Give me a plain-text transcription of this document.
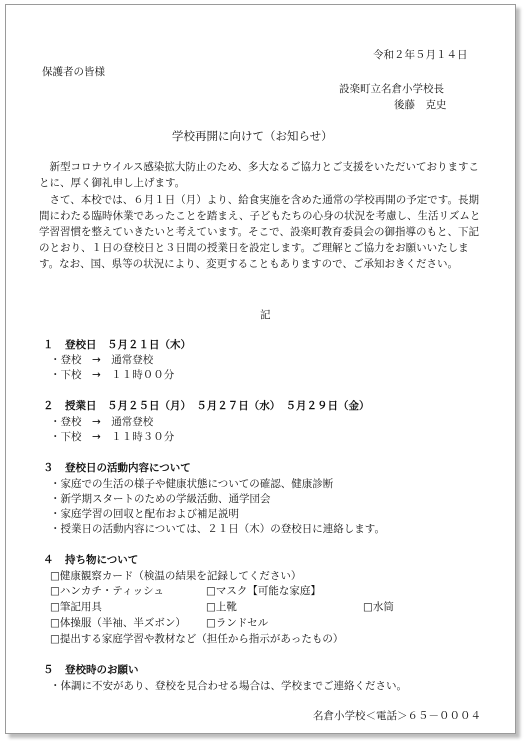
令和２年５月１４日

保護者の皆様

設楽町立名倉小学校長

後藤　克史

学校再開に向けて（お知らせ）

　新型コロナウイルス感染拡大防止のため、多大なるご協力とご支援をいただいておりますことに、厚く御礼申し上げます。

　さて、本校では、６月１日（月）より、給食実施を含めた通常の学校再開の予定です。長期間にわたる臨時休業であったことを踏まえ、子どもたちの心身の状況を考慮し、生活リズムと学習習慣を整えていきたいと考えています。そこで、設楽町教育委員会の御指導のもと、下記のとおり、１日の登校日と３日間の授業日を設定します。ご理解とご協力をお願いいたします。なお、国、県等の状況により、変更することもありますので、ご承知おきください。

記

１ 登校日　５月２１日（木）

・登校　→　通常登校

・下校　→　１１時００分

２ 授業日　５月２５日（月）　５月２７日（水）　５月２９日（金）

・登校　→　通常登校

・下校　→　１１時３０分

３ 登校日の活動内容について

・家庭での生活の様子や健康状態についての確認、健康診断

・新学期スタートのための学級活動、通学団会

・家庭学習の回収と配布および補足説明

・授業日の活動内容については、２１日（木）の登校日に連絡します。

４ 持ち物について

□健康観察カード（検温の結果を記録してください）
□ハンカチ・ティッシュ	□マスク【可能な家庭】
□筆記用具	□上靴	□水筒
□体操服（半袖、半ズボン） □ランドセル
□提出する家庭学習や教材など（担任から指示があったもの）

５ 登校時のお願い

・体調に不安があり、登校を見合わせる場合は、学校までご連絡ください。

名倉小学校＜電話＞６５－０００４
